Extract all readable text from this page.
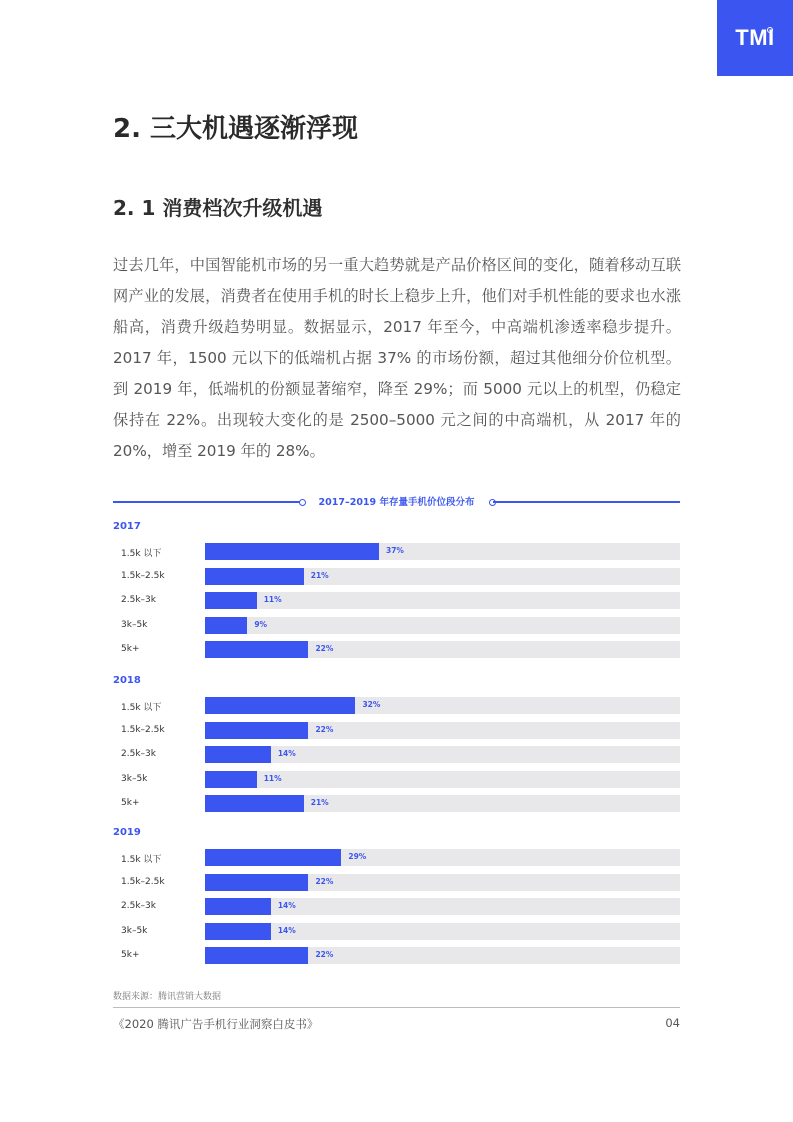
TMI
2. 三大机遇逐渐浮现
2. 1 消费档次升级机遇
过去几年，中国智能机市场的另一重大趋势就是产品价格区间的变化，随着移动互联网产业的发展，消费者在使用手机的时长上稳步上升，他们对手机性能的要求也水涨船高，消费升级趋势明显。数据显示，2017 年至今，中高端机渗透率稳步提升。2017 年，1500 元以下的低端机占据 37% 的市场份额，超过其他细分价位机型。到 2019 年，低端机的份额显著缩窄，降至 29%；而 5000 元以上的机型，仍稳定保持在 22%。出现较大变化的是 2500–5000 元之间的中高端机，从 2017 年的 20%，增至 2019 年的 28%。
2017–2019 年存量手机价位段分布
2017
1.5k 以下	37%
1.5k–2.5k	21%
2.5k–3k	11%
3k–5k	9%
5k+	22%
2018
1.5k 以下	32%
1.5k–2.5k	22%
2.5k–3k	14%
3k–5k	11%
5k+	21%
2019
1.5k 以下	29%
1.5k–2.5k	22%
2.5k–3k	14%
3k–5k	14%
5k+	22%
数据来源：腾讯营销大数据
《2020 腾讯广告手机行业洞察白皮书》	04
